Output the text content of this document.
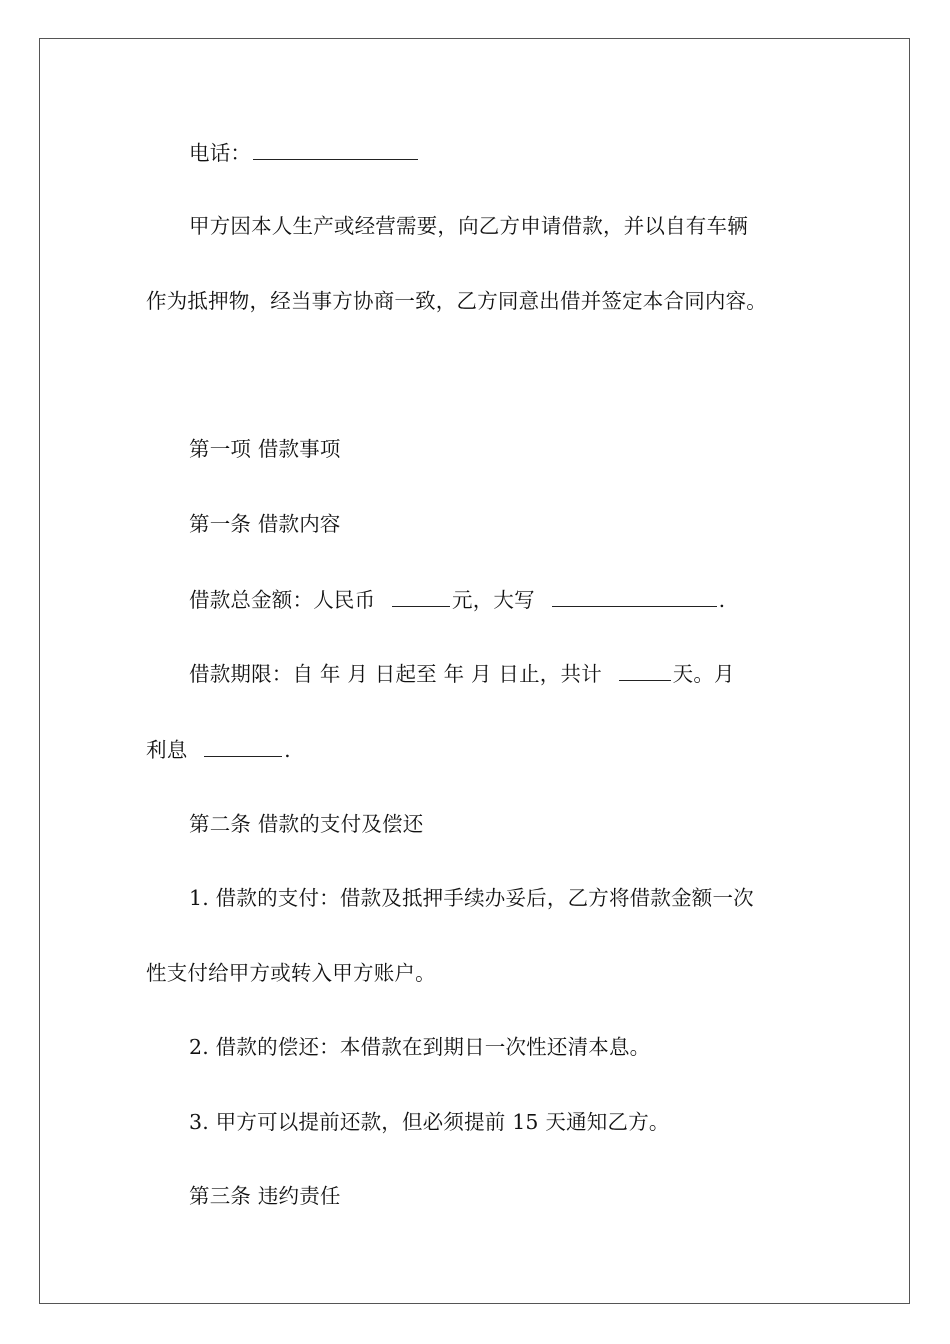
电话：
甲方因本人生产或经营需要，向乙方申请借款，并以自有车辆
作为抵押物，经当事方协商一致，乙方同意出借并签定本合同内容。
第一项 借款事项
第一条 借款内容
借款总金额：人民币	元，大写	.
借款期限：自 年 月 日起至 年 月 日止，共计	天。月
利息	.
第二条 借款的支付及偿还
1. 借款的支付：借款及抵押手续办妥后，乙方将借款金额一次
性支付给甲方或转入甲方账户。
2. 借款的偿还：本借款在到期日一次性还清本息。
3. 甲方可以提前还款，但必须提前 15 天通知乙方。
第三条 违约责任
